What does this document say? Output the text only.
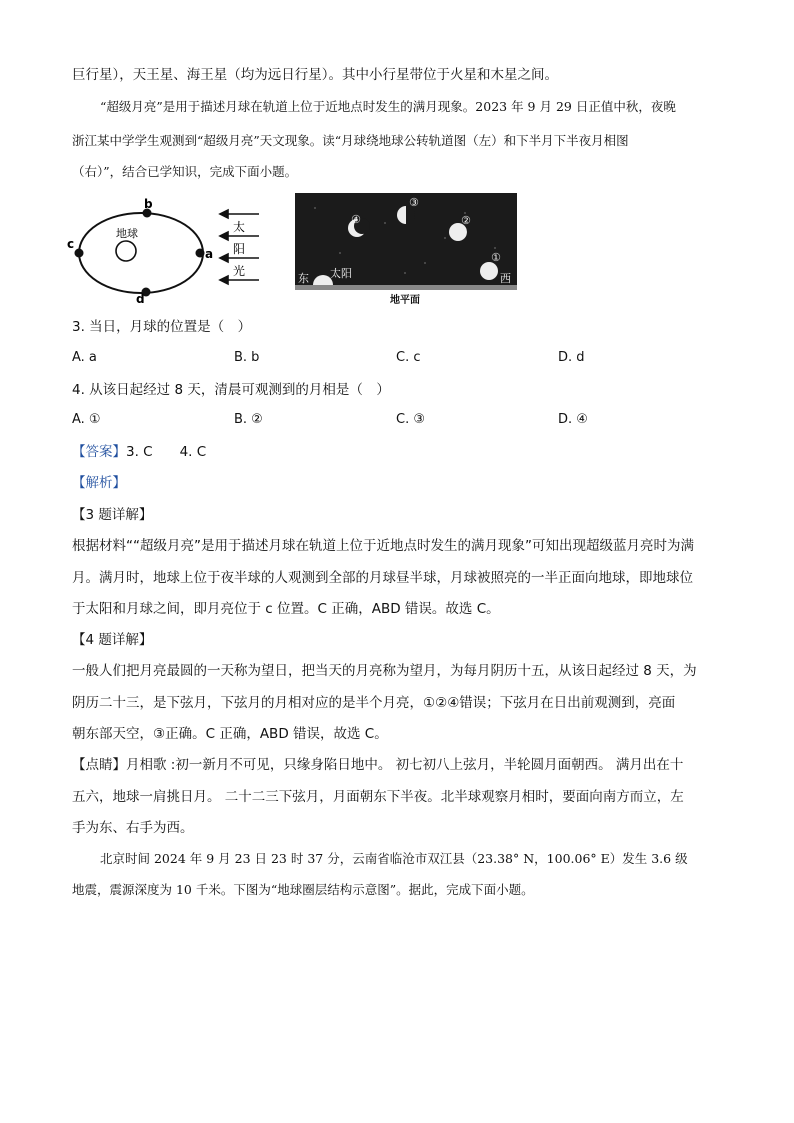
巨行星），天王星、海王星（均为远日行星）。其中小行星带位于火星和木星之间。
“超级月亮”是用于描述月球在轨道上位于近地点时发生的满月现象。2023 年 9 月 29 日正值中秋，夜晚
浙江某中学学生观测到“超级月亮”天文现象。读“月球绕地球公转轨道图（左）和下半月下半夜月相图
（右）”，结合已学知识，完成下面小题。
地球
b
c
a
d
太
阳
光
④
③
②
①
太阳
东	西
地平面
3. 当日，月球的位置是（　）
A. a	B. b	C. c	D. d
4. 从该日起经过 8 天，清晨可观测到的月相是（　）
A. ①	B. ②	C. ③	D. ④
【答案】3. C　　4. C
【解析】
【3 题详解】
根据材料““超级月亮”是用于描述月球在轨道上位于近地点时发生的满月现象”可知出现超级蓝月亮时为满
月。满月时，地球上位于夜半球的人观测到全部的月球昼半球，月球被照亮的一半正面向地球，即地球位
于太阳和月球之间，即月亮位于 c 位置。C 正确，ABD 错误。故选 C。
【4 题详解】
一般人们把月亮最圆的一天称为望日，把当天的月亮称为望月，为每月阴历十五，从该日起经过 8 天，为
阴历二十三，是下弦月，下弦月的月相对应的是半个月亮，①②④错误；下弦月在日出前观测到，亮面
朝东部天空，③正确。C 正确，ABD 错误，故选 C。
【点睛】月相歌 :初一新月不可见，只缘身陷日地中。 初七初八上弦月，半轮圆月面朝西。 满月出在十
五六，地球一肩挑日月。 二十二三下弦月，月面朝东下半夜。北半球观察月相时，要面向南方而立，左
手为东、右手为西。
北京时间 2024 年 9 月 23 日 23 时 37 分，云南省临沧市双江县（23.38° N，100.06° E）发生 3.6 级
地震，震源深度为 10 千米。下图为“地球圈层结构示意图”。据此，完成下面小题。
